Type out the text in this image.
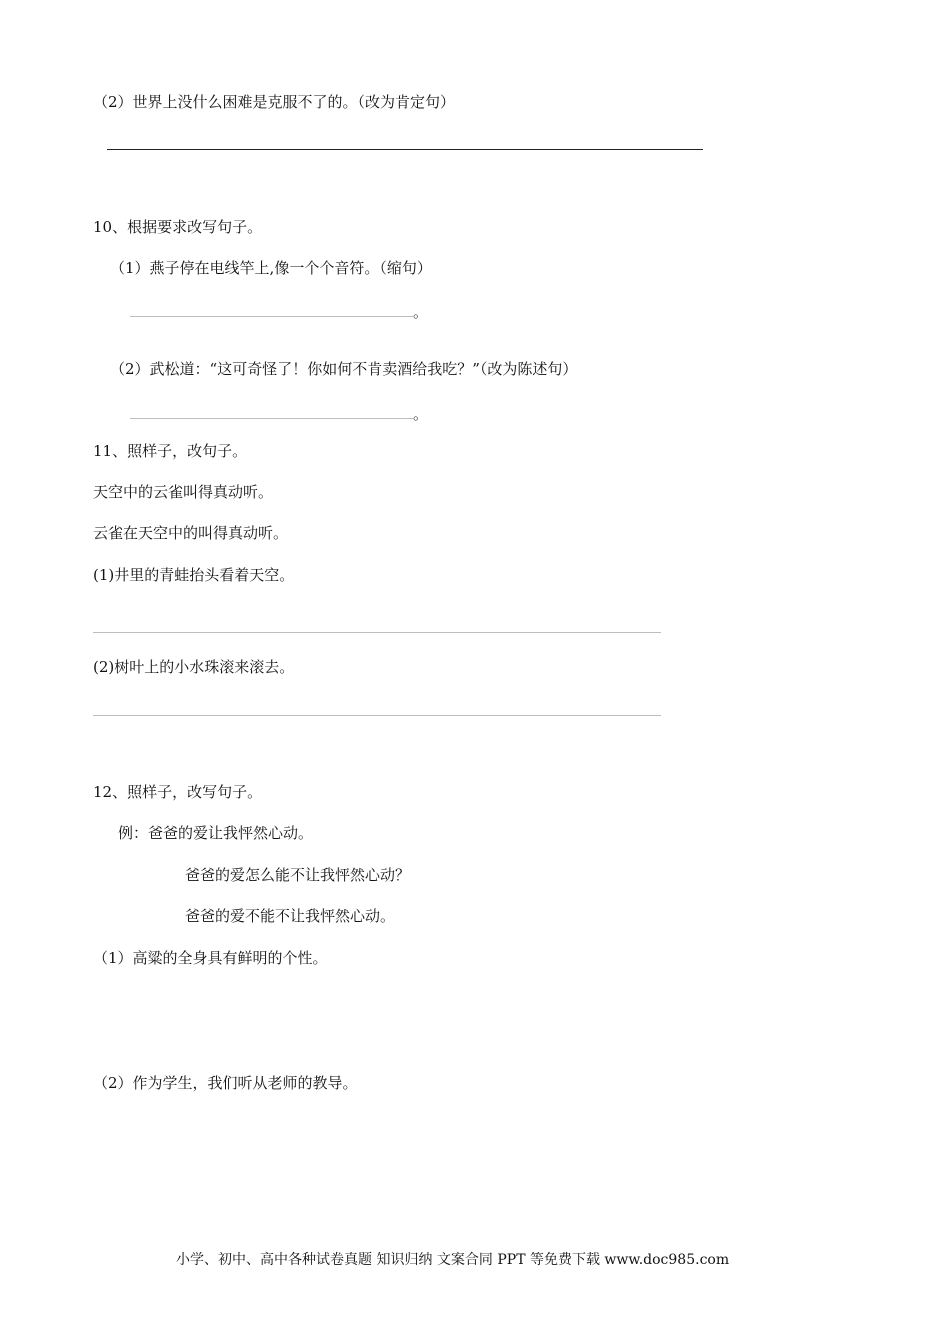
（2）世界上没什么困难是克服不了的。（改为肯定句）
10、根据要求改写句子。
（1）燕子停在电线竿上,像一个个音符。（缩句）
。
（2）武松道：“这可奇怪了！你如何不肯卖酒给我吃？”（改为陈述句）
。
11、照样子，改句子。
天空中的云雀叫得真动听。
云雀在天空中的叫得真动听。
(1)井里的青蛙抬头看着天空。
(2)树叶上的小水珠滚来滚去。
12、照样子，改写句子。
例：爸爸的爱让我怦然心动。
爸爸的爱怎么能不让我怦然心动？
爸爸的爱不能不让我怦然心动。
（1）高粱的全身具有鲜明的个性。
（2）作为学生，我们听从老师的教导。
小学、初中、高中各种试卷真题 知识归纳 文案合同 PPT 等免费下载 www.doc985.com
